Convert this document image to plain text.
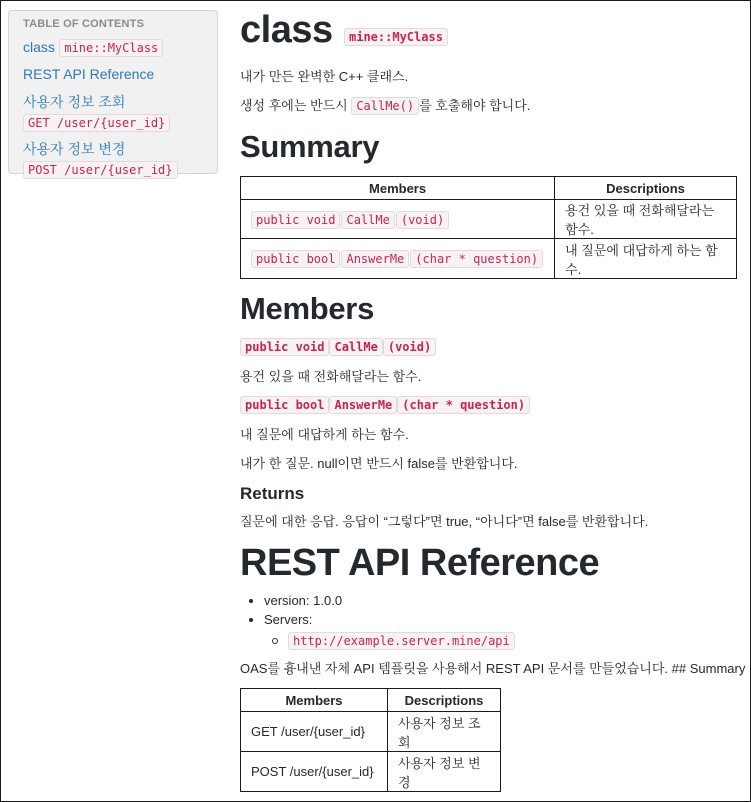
TABLE OF CONTENTS
class mine::MyClass
REST API Reference
사용자 정보 조회
GET /user/{user_id}
사용자 정보 변경
POST /user/{user_id}
class	mine::MyClass
내가 만든 완벽한 C++ 클래스.
생성 후에는 반드시 CallMe() 를 호출해야 합니다.
Summary
Members	Descriptions
public void CallMe (void)	용건 있을 때 전화해달라는 함수.
public bool AnswerMe (char * question)	내 질문에 대답하게 하는 함수.
Members
public void CallMe (void)
용건 있을 때 전화해달라는 함수.
public bool AnswerMe (char * question)
내 질문에 대답하게 하는 함수.
내가 한 질문. null이면 반드시 false를 반환합니다.
Returns
질문에 대한 응답. 응답이 “그렇다”면 true, “아니다”면 false를 반환합니다.
REST API Reference
version: 1.0.0
Servers:
http://example.server.mine/api
OAS를 흉내낸 자체 API 템플릿을 사용해서 REST API 문서를 만들었습니다. ## Summary
Members	Descriptions
GET /user/{user_id}	사용자 정보 조회
POST /user/{user_id}	사용자 정보 변경
